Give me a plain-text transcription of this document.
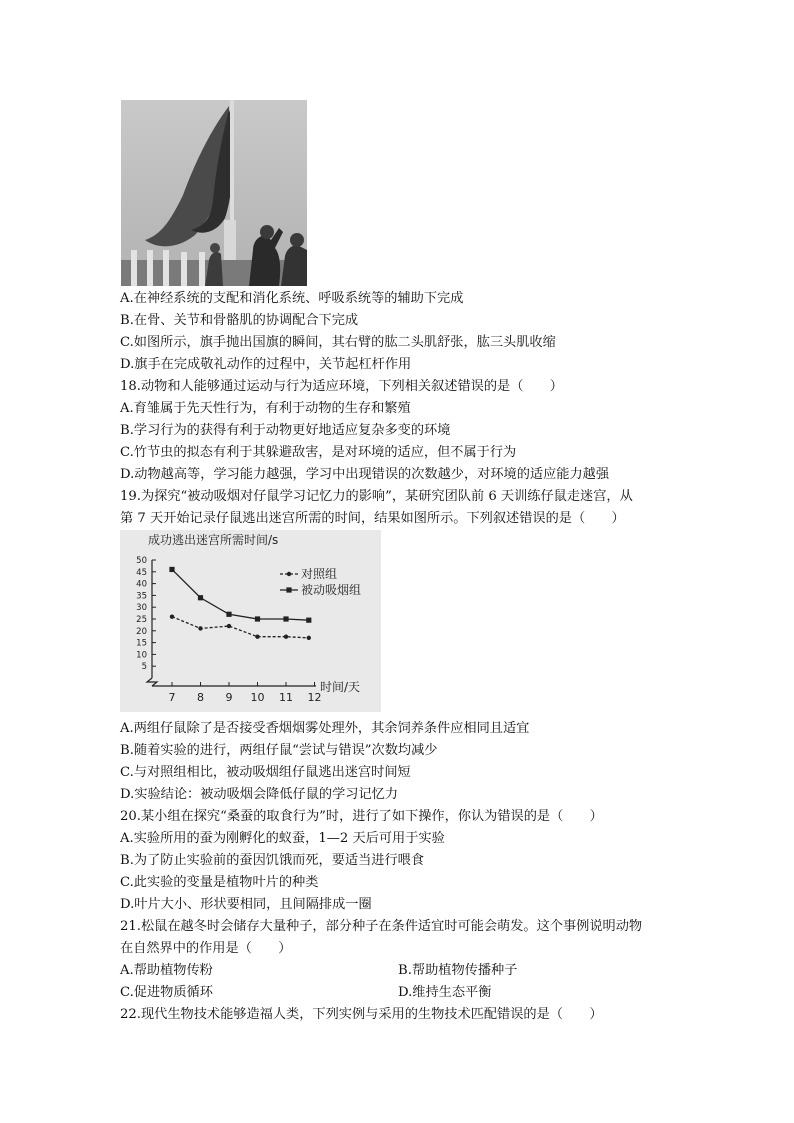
A.在神经系统的支配和消化系统、呼吸系统等的辅助下完成
B.在骨、关节和骨骼肌的协调配合下完成
C.如图所示，旗手抛出国旗的瞬间，其右臂的肱二头肌舒张，肱三头肌收缩
D.旗手在完成敬礼动作的过程中，关节起杠杆作用
18.动物和人能够通过运动与行为适应环境，下列相关叙述错误的是（　　）
A.育雏属于先天性行为，有利于动物的生存和繁殖
B.学习行为的获得有利于动物更好地适应复杂多变的环境
C.竹节虫的拟态有利于其躲避敌害，是对环境的适应，但不属于行为
D.动物越高等，学习能力越强，学习中出现错误的次数越少，对环境的适应能力越强
19.为探究“被动吸烟对仔鼠学习记忆力的影响”，某研究团队前 6 天训练仔鼠走迷宫，从
第 7 天开始记录仔鼠逃出迷宫所需的时间，结果如图所示。下列叙述错误的是（　　）
成功逃出迷宫所需时间/s
时间/天
5
10
15
20
25
30
35
40
45
50
7 8 9 10 11 12
对照组
被动吸烟组
A.两组仔鼠除了是否接受香烟烟雾处理外，其余饲养条件应相同且适宜
B.随着实验的进行，两组仔鼠“尝试与错误”次数均减少
C.与对照组相比，被动吸烟组仔鼠逃出迷宫时间短
D.实验结论：被动吸烟会降低仔鼠的学习记忆力
20.某小组在探究“桑蚕的取食行为”时，进行了如下操作，你认为错误的是（　　）
A.实验所用的蚕为刚孵化的蚁蚕，1—2 天后可用于实验
B.为了防止实验前的蚕因饥饿而死，要适当进行喂食
C.此实验的变量是植物叶片的种类
D.叶片大小、形状要相同，且间隔排成一圈
21.松鼠在越冬时会储存大量种子，部分种子在条件适宜时可能会萌发。这个事例说明动物
在自然界中的作用是（　　）
A.帮助植物传粉	B.帮助植物传播种子
C.促进物质循环	D.维持生态平衡
22.现代生物技术能够造福人类，下列实例与采用的生物技术匹配错误的是（　　）
